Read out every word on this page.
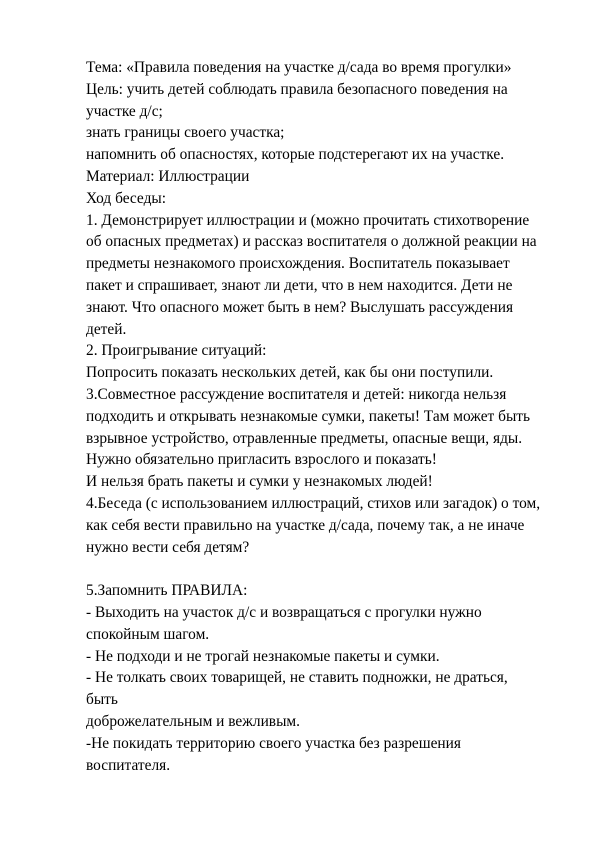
Тема: «Правила поведения на участке д/сада во время прогулки»
Цель: учить детей соблюдать правила безопасного поведения на
участке д/с;
знать границы своего участка;
напомнить об опасностях, которые подстерегают их на участке.
Материал: Иллюстрации
Ход беседы:
1. Демонстрирует иллюстрации и (можно прочитать стихотворение
об опасных предметах) и рассказ воспитателя о должной реакции на
предметы незнакомого происхождения. Воспитатель показывает
пакет и спрашивает, знают ли дети, что в нем находится. Дети не
знают. Что опасного может быть в нем? Выслушать рассуждения
детей.
2. Проигрывание ситуаций:
Попросить показать нескольких детей, как бы они поступили.
3.Совместное рассуждение воспитателя и детей: никогда нельзя
подходить и открывать незнакомые сумки, пакеты! Там может быть
взрывное устройство, отравленные предметы, опасные вещи, яды.
Нужно обязательно пригласить взрослого и показать!
И нельзя брать пакеты и сумки у незнакомых людей!
4.Беседа (с использованием иллюстраций, стихов или загадок) о том,
как себя вести правильно на участке д/сада, почему так, а не иначе
нужно вести себя детям?
5.Запомнить ПРАВИЛА:
- Выходить на участок д/с и возвращаться с прогулки нужно
спокойным шагом.
- Не подходи и не трогай незнакомые пакеты и сумки.
- Не толкать своих товарищей, не ставить подножки, не драться,
быть
доброжелательным и вежливым.
-Не покидать территорию своего участка без разрешения
воспитателя.
